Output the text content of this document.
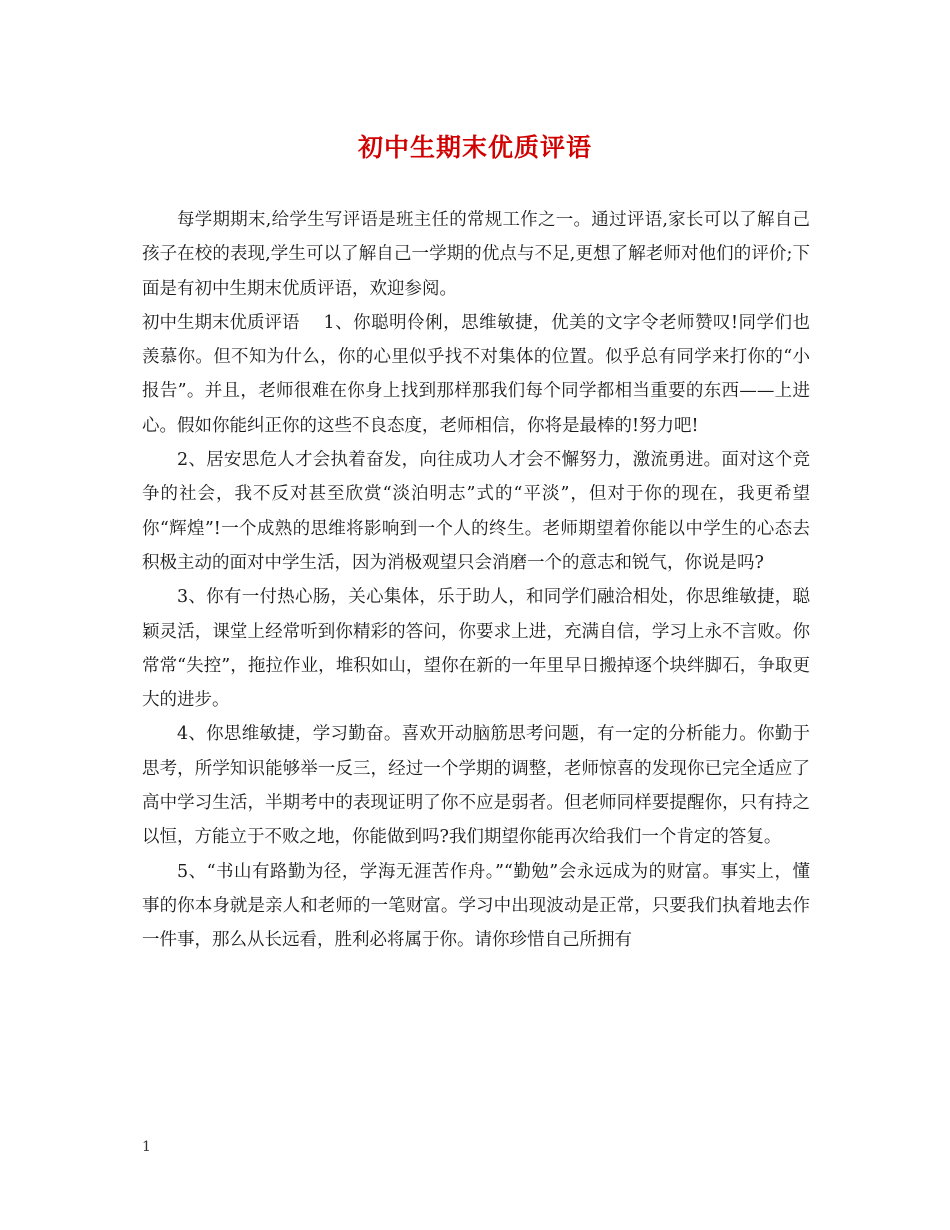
初中生期末优质评语

每学期期末,给学生写评语是班主任的常规工作之一。通过评语,家长可以了解自己孩子在校的表现,学生可以了解自己一学期的优点与不足,更想了解老师对他们的评价;下面是有初中生期末优质评语，欢迎参阅。

初中生期末优质评语 1、你聪明伶俐，思维敏捷，优美的文字令老师赞叹!同学们也羡慕你。但不知为什么，你的心里似乎找不对集体的位置。似乎总有同学来打你的“小报告”。并且，老师很难在你身上找到那样那我们每个同学都相当重要的东西——上进心。假如你能纠正你的这些不良态度，老师相信，你将是最棒的!努力吧!

2、居安思危人才会执着奋发，向往成功人才会不懈努力，激流勇进。面对这个竞争的社会，我不反对甚至欣赏“淡泊明志”式的“平淡”，但对于你的现在，我更希望你“辉煌”!一个成熟的思维将影响到一个人的终生。老师期望着你能以中学生的心态去积极主动的面对中学生活，因为消极观望只会消磨一个的意志和锐气，你说是吗?

3、你有一付热心肠，关心集体，乐于助人，和同学们融洽相处，你思维敏捷，聪颖灵活，课堂上经常听到你精彩的答问，你要求上进，充满自信，学习上永不言败。你常常“失控”，拖拉作业，堆积如山，望你在新的一年里早日搬掉逐个块绊脚石，争取更大的进步。

4、你思维敏捷，学习勤奋。喜欢开动脑筋思考问题，有一定的分析能力。你勤于思考，所学知识能够举一反三，经过一个学期的调整，老师惊喜的发现你已完全适应了高中学习生活，半期考中的表现证明了你不应是弱者。但老师同样要提醒你，只有持之以恒，方能立于不败之地，你能做到吗?我们期望你能再次给我们一个肯定的答复。

5、“书山有路勤为径，学海无涯苦作舟。”“勤勉”会永远成为的财富。事实上，懂事的你本身就是亲人和老师的一笔财富。学习中出现波动是正常，只要我们执着地去作一件事，那么从长远看，胜利必将属于你。请你珍惜自己所拥有

1
